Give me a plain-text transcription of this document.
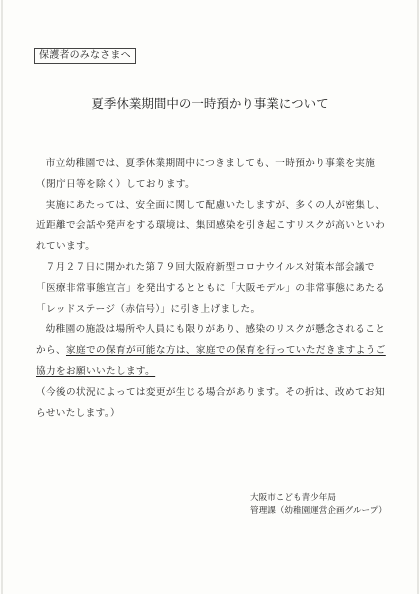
保護者のみなさまへ
夏季休業期間中の一時預かり事業について

市立幼稚園では、夏季休業期間中につきましても、一時預かり事業を実施（閉庁日等を除く）しております。

実施にあたっては、安全面に関して配慮いたしますが、多くの人が密集し、近距離で会話や発声をする環境は、集団感染を引き起こすリスクが高いといわれています。

７月２７日に開かれた第７９回大阪府新型コロナウイルス対策本部会議で「医療非常事態宣言」を発出するとともに「大阪モデル」の非常事態にあたる「レッドステージ（赤信号）」に引き上げました。

幼稚園の施設は場所や人員にも限りがあり、感染のリスクが懸念されることから、家庭での保育が可能な方は、家庭での保育を行っていただきますようご協力をお願いいたします。

（今後の状況によっては変更が生じる場合があります。その折は、改めてお知らせいたします。）

大阪市こども青少年局
管理課（幼稚園運営企画グループ）
